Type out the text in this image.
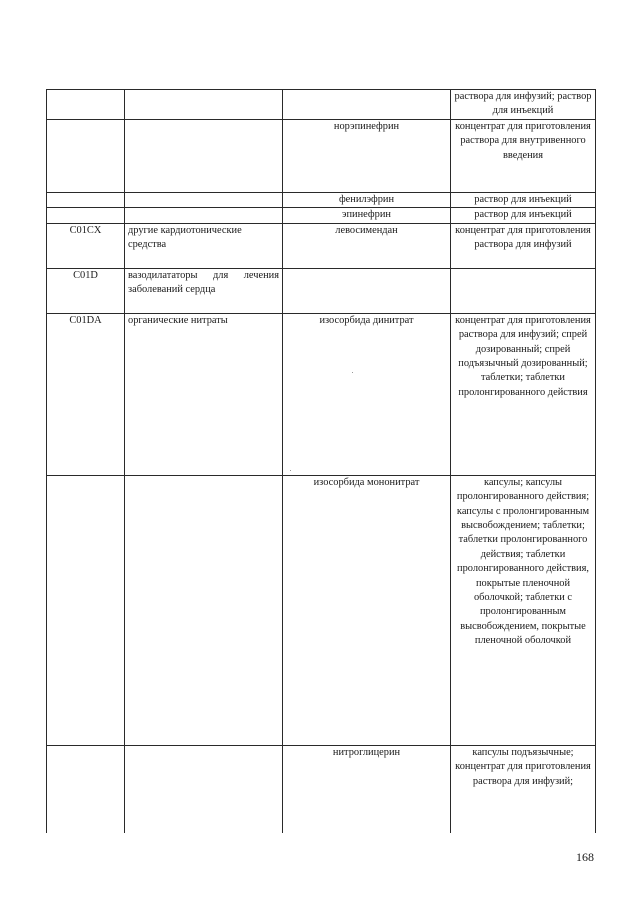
			раствора для инфузий; раствор для инъекций
		норэпинефрин	концентрат для приготовления раствора для внутривенного введения
		фенилэфрин	раствор для инъекций
		эпинефрин	раствор для инъекций
C01CX	другие кардиотонические средства	левосимендан	концентрат для приготовления раствора для инфузий
C01D	вазодилататоры для лечения заболеваний сердца		
C01DA	органические нитраты	изосорбида динитрат	концентрат для приготовления раствора для инфузий; спрей дозированный; спрей подъязычный дозированный; таблетки; таблетки пролонгированного действия
		изосорбида мононитрат	капсулы; капсулы пролонгированного действия; капсулы с пролонгированным высвобождением; таблетки; таблетки пролонгированного действия; таблетки пролонгированного действия, покрытые пленочной оболочкой; таблетки с пролонгированным высвобождением, покрытые пленочной оболочкой
		нитроглицерин	капсулы подъязычные; концентрат для приготовления раствора для инфузий;
168
